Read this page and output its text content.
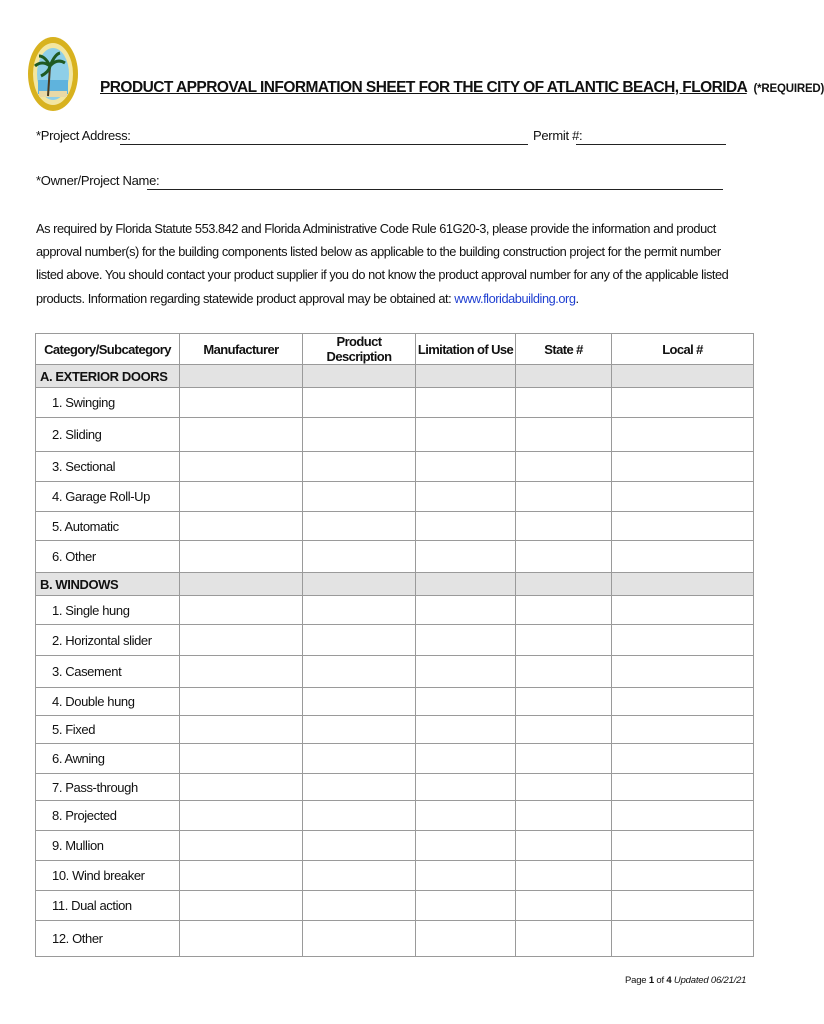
PRODUCT APPROVAL INFORMATION SHEET FOR THE CITY OF ATLANTIC BEACH, FLORIDA (*REQUIRED)
*Project Address:	Permit #:
*Owner/Project Name:
As required by Florida Statute 553.842 and Florida Administrative Code Rule 61G20-3, please provide the information and product approval number(s) for the building components listed below as applicable to the building construction project for the permit number listed above. You should contact your product supplier if you do not know the product approval number for any of the applicable listed products. Information regarding statewide product approval may be obtained at: www.floridabuilding.org.
Category/Subcategory	Manufacturer	Product Description	Limitation of Use	State #	Local #
A. EXTERIOR DOORS					
1. Swinging					
2. Sliding					
3. Sectional					
4. Garage Roll-Up					
5. Automatic					
6. Other					
B. WINDOWS					
1. Single hung					
2. Horizontal slider					
3. Casement					
4. Double hung					
5. Fixed					
6. Awning					
7. Pass-through					
8. Projected					
9. Mullion					
10. Wind breaker					
11. Dual action					
12. Other					
Page 1 of 4 Updated 06/21/21
